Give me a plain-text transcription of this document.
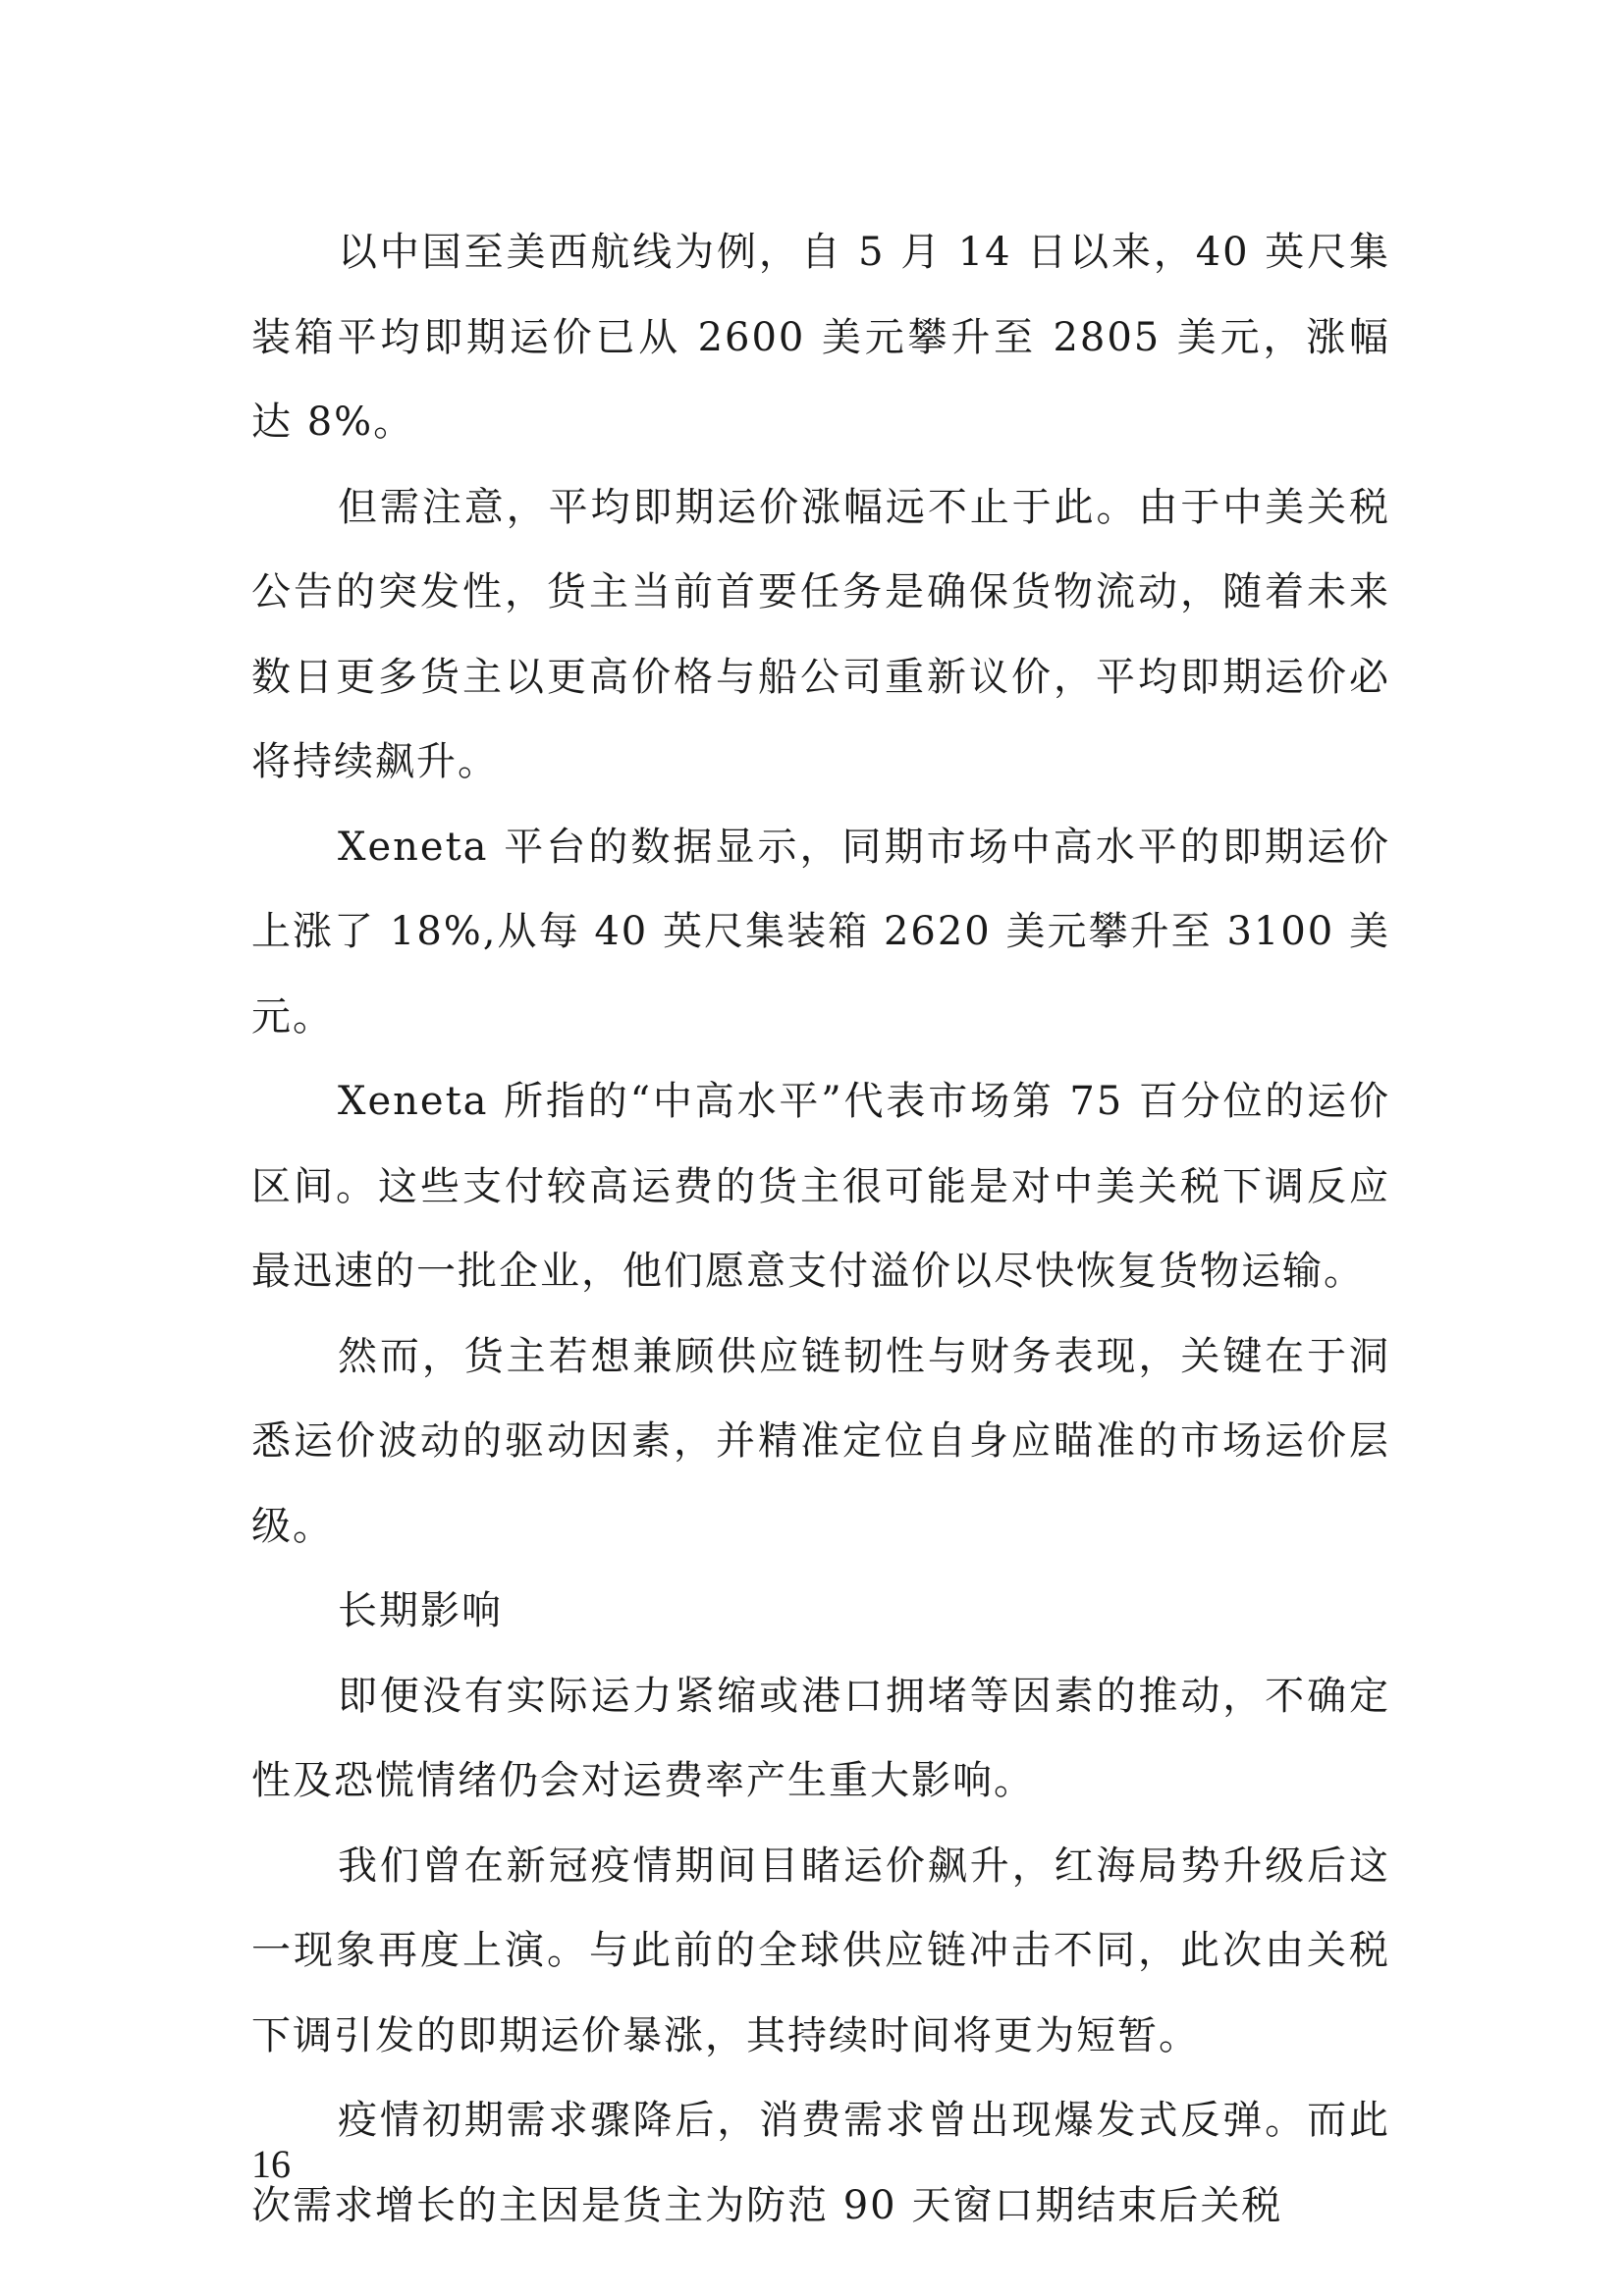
以中国至美西航线为例，自 5 月 14 日以来，40 英尺集装箱平均即期运价已从 2600 美元攀升至 2805 美元，涨幅达 8%。

但需注意，平均即期运价涨幅远不止于此。由于中美关税公告的突发性，货主当前首要任务是确保货物流动，随着未来数日更多货主以更高价格与船公司重新议价，平均即期运价必将持续飙升。

Xeneta 平台的数据显示，同期市场中高水平的即期运价上涨了 18%,从每 40 英尺集装箱 2620 美元攀升至 3100 美元。

Xeneta 所指的“中高水平”代表市场第 75 百分位的运价区间。这些支付较高运费的货主很可能是对中美关税下调反应最迅速的一批企业，他们愿意支付溢价以尽快恢复货物运输。

然而，货主若想兼顾供应链韧性与财务表现，关键在于洞悉运价波动的驱动因素，并精准定位自身应瞄准的市场运价层级。

长期影响

即便没有实际运力紧缩或港口拥堵等因素的推动，不确定性及恐慌情绪仍会对运费率产生重大影响。

我们曾在新冠疫情期间目睹运价飙升，红海局势升级后这一现象再度上演。与此前的全球供应链冲击不同，此次由关税下调引发的即期运价暴涨，其持续时间将更为短暂。

疫情初期需求骤降后，消费需求曾出现爆发式反弹。而此次需求增长的主因是货主为防范 90 天窗口期结束后关税

16
